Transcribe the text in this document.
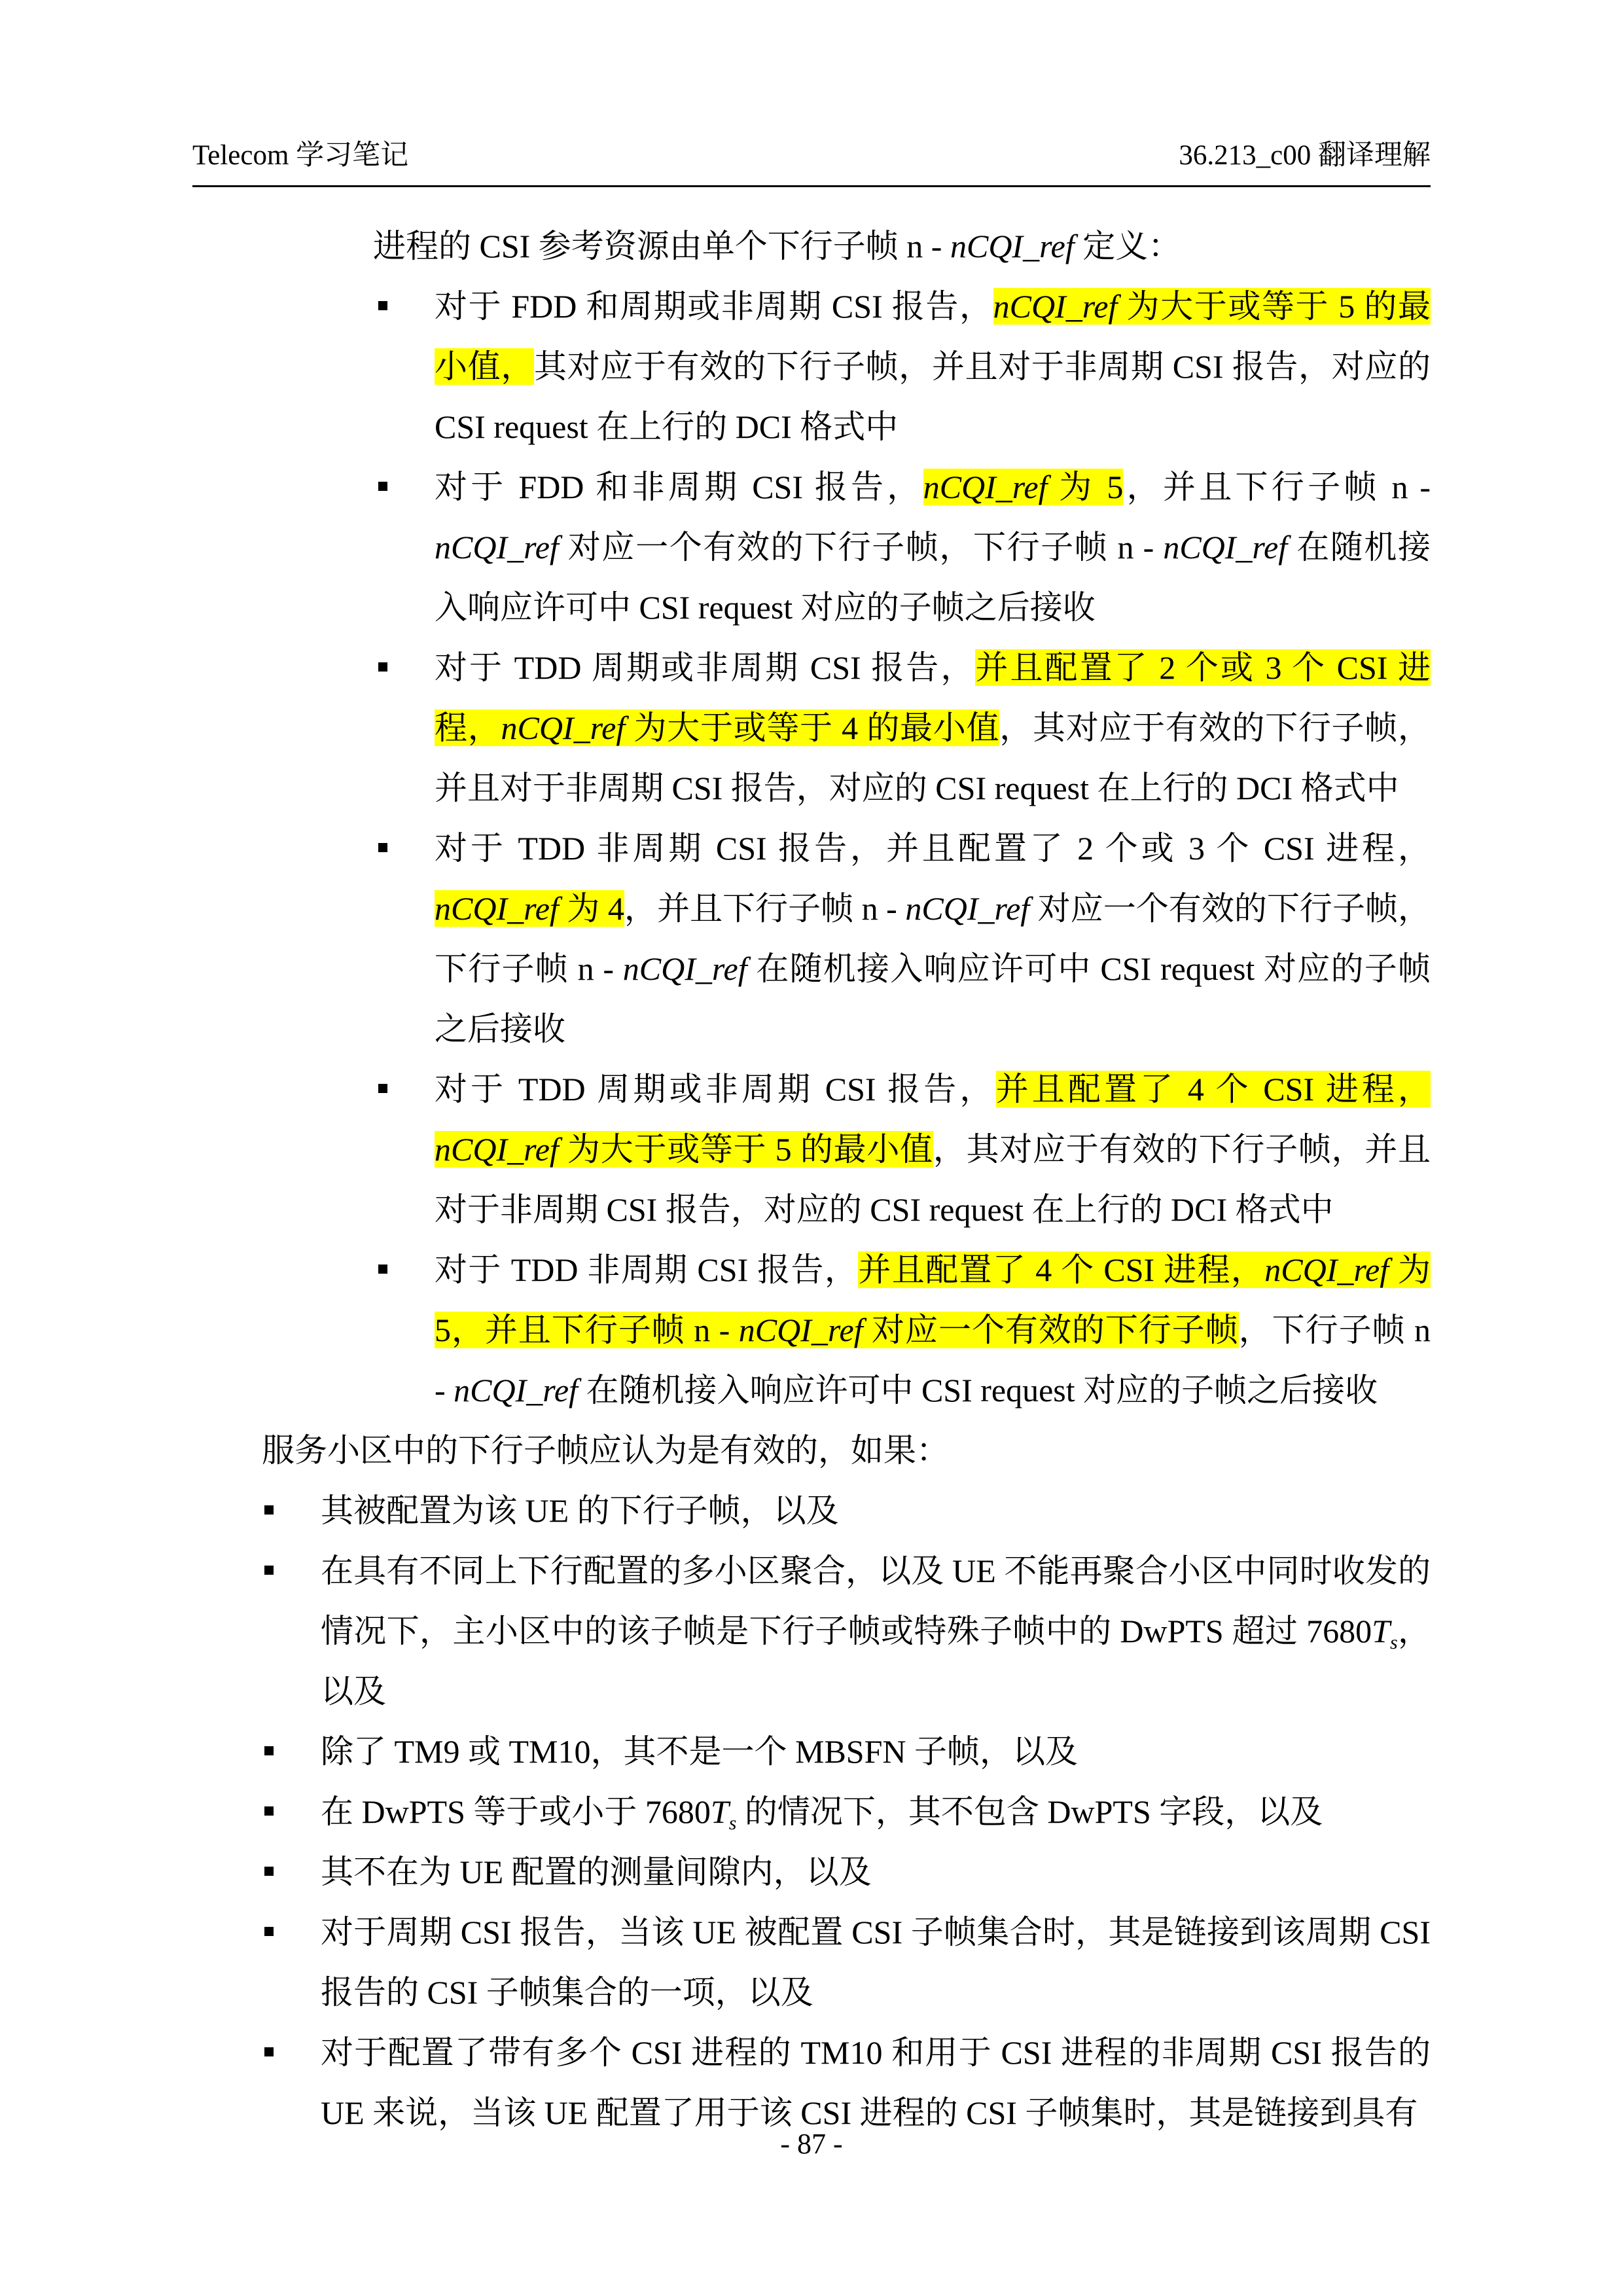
Telecom 学习笔记	36.213_c00 翻译理解
进程的 CSI 参考资源由单个下行子帧 n - nCQI_ref 定义：
对于 FDD 和周期或非周期 CSI 报告，nCQI_ref 为大于或等于 5 的最小值，其对应于有效的下行子帧，并且对于非周期 CSI 报告，对应的 CSI request 在上行的 DCI 格式中
对于 FDD 和非周期 CSI 报告，nCQI_ref 为 5，并且下行子帧 n - nCQI_ref 对应一个有效的下行子帧，下行子帧 n - nCQI_ref 在随机接入响应许可中 CSI request 对应的子帧之后接收
对于 TDD 周期或非周期 CSI 报告，并且配置了 2 个或 3 个 CSI 进程，nCQI_ref 为大于或等于 4 的最小值，其对应于有效的下行子帧，并且对于非周期 CSI 报告，对应的 CSI request 在上行的 DCI 格式中
对于 TDD 非周期 CSI 报告，并且配置了 2 个或 3 个 CSI 进程，nCQI_ref 为 4，并且下行子帧 n - nCQI_ref 对应一个有效的下行子帧，下行子帧 n - nCQI_ref 在随机接入响应许可中 CSI request 对应的子帧之后接收
对于 TDD 周期或非周期 CSI 报告，并且配置了 4 个 CSI 进程，nCQI_ref 为大于或等于 5 的最小值，其对应于有效的下行子帧，并且对于非周期 CSI 报告，对应的 CSI request 在上行的 DCI 格式中
对于 TDD 非周期 CSI 报告，并且配置了 4 个 CSI 进程，nCQI_ref 为 5，并且下行子帧 n - nCQI_ref 对应一个有效的下行子帧，下行子帧 n - nCQI_ref 在随机接入响应许可中 CSI request 对应的子帧之后接收
服务小区中的下行子帧应认为是有效的，如果：
其被配置为该 UE 的下行子帧，以及
在具有不同上下行配置的多小区聚合，以及 UE 不能再聚合小区中同时收发的情况下，主小区中的该子帧是下行子帧或特殊子帧中的 DwPTS 超过 $7680T_s$，以及
除了 TM9 或 TM10，其不是一个 MBSFN 子帧，以及
在 DwPTS 等于或小于 $7680T_s$ 的情况下，其不包含 DwPTS 字段，以及
其不在为 UE 配置的测量间隙内，以及
对于周期 CSI 报告，当该 UE 被配置 CSI 子帧集合时，其是链接到该周期 CSI 报告的 CSI 子帧集合的一项，以及
对于配置了带有多个 CSI 进程的 TM10 和用于 CSI 进程的非周期 CSI 报告的 UE 来说，当该 UE 配置了用于该 CSI 进程的 CSI 子帧集时，其是链接到具有
- 87 -
